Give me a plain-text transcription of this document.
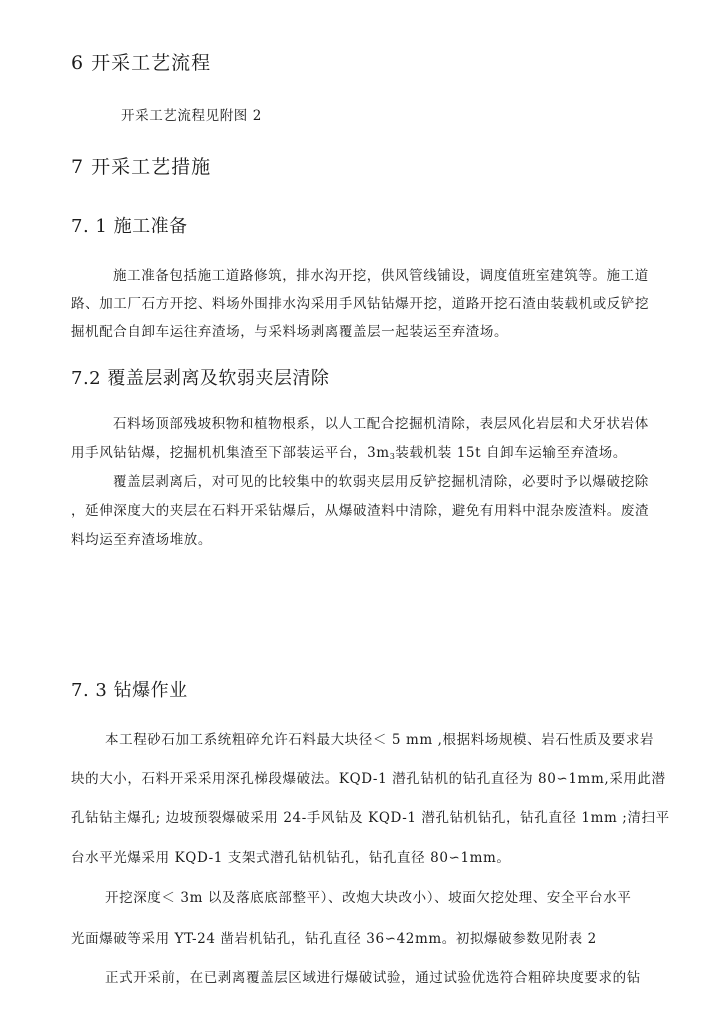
6 开采工艺流程
开采工艺流程见附图 2
7 开采工艺措施
7. 1 施工准备
施工准备包括施工道路修筑，排水沟开挖，供风管线铺设，调度值班室建筑等。施工道
路、加工厂石方开挖、料场外围排水沟采用手风钻钻爆开挖，道路开挖石渣由装载机或反铲挖
掘机配合自卸车运往弃渣场，与采料场剥离覆盖层一起装运至弃渣场。
7.2 覆盖层剥离及软弱夹层清除
石料场顶部残坡积物和植物根系，以人工配合挖掘机清除，表层风化岩层和犬牙状岩体
用手风钻钻爆，挖掘机机集渣至下部装运平台，3m3装载机装 15t 自卸车运输至弃渣场。
覆盖层剥离后，对可见的比较集中的软弱夹层用反铲挖掘机清除，必要时予以爆破挖除
，延伸深度大的夹层在石料开采钻爆后，从爆破渣料中清除，避免有用料中混杂废渣料。废渣
料均运至弃渣场堆放。
7. 3 钻爆作业
本工程砂石加工系统粗碎允许石料最大块径＜ 5 mm ,根据料场规模、岩石性质及要求岩
块的大小，石料开采采用深孔梯段爆破法。KQD-1 潜孔钻机的钻孔直径为 80∽1mm,采用此潜
孔钻钻主爆孔; 边坡预裂爆破采用 24-手风钻及 KQD-1 潜孔钻机钻孔，钻孔直径 1mm ;清扫平
台水平光爆采用 KQD-1 支架式潜孔钻机钻孔，钻孔直径 80∽1mm。
开挖深度＜ 3m 以及落底底部整平）、改炮大块改小）、坡面欠挖处理、安全平台水平
光面爆破等采用 YT-24 凿岩机钻孔，钻孔直径 36∽42mm。初拟爆破参数见附表 2
正式开采前，在已剥离覆盖层区域进行爆破试验，通过试验优选符合粗碎块度要求的钻
